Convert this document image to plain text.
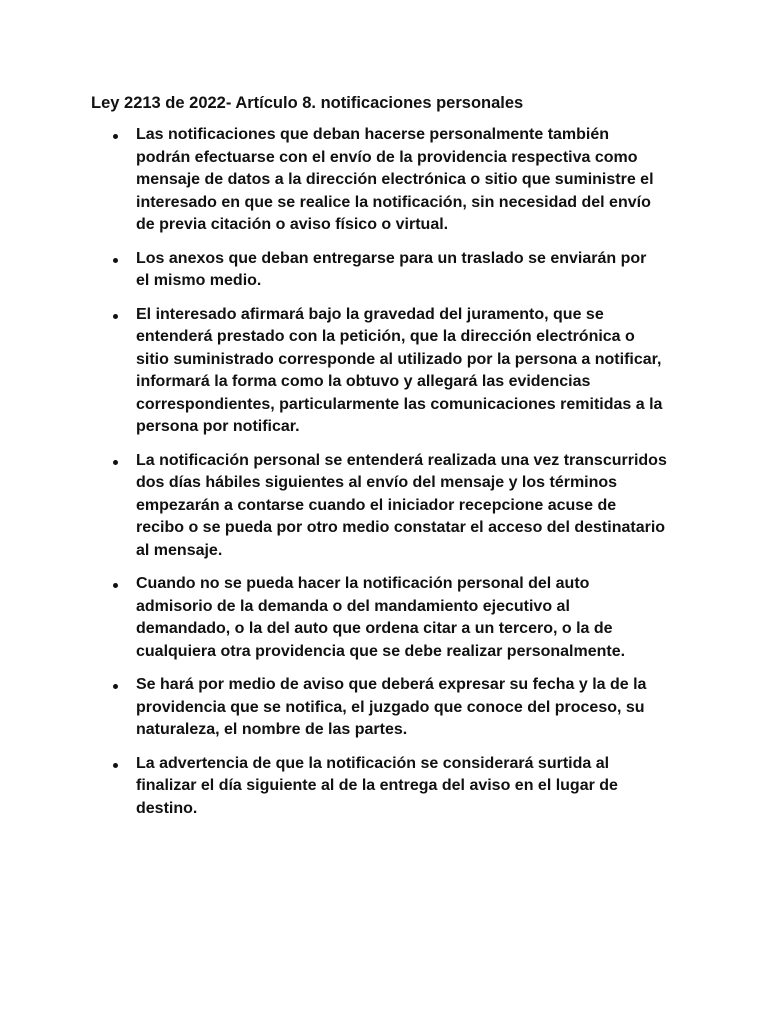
Ley 2213 de 2022- Artículo 8. notificaciones personales
Las notificaciones que deban hacerse personalmente también
podrán efectuarse con el envío de la providencia respectiva como
mensaje de datos a la dirección electrónica o sitio que suministre el
interesado en que se realice la notificación, sin necesidad del envío
de previa citación o aviso físico o virtual.
Los anexos que deban entregarse para un traslado se enviarán por
el mismo medio.
El interesado afirmará bajo la gravedad del juramento, que se
entenderá prestado con la petición, que la dirección electrónica o
sitio suministrado corresponde al utilizado por la persona a notificar,
informará la forma como la obtuvo y allegará las evidencias
correspondientes, particularmente las comunicaciones remitidas a la
persona por notificar.
La notificación personal se entenderá realizada una vez transcurridos
dos días hábiles siguientes al envío del mensaje y los términos
empezarán a contarse cuando el iniciador recepcione acuse de
recibo o se pueda por otro medio constatar el acceso del destinatario
al mensaje.
Cuando no se pueda hacer la notificación personal del auto
admisorio de la demanda o del mandamiento ejecutivo al
demandado, o la del auto que ordena citar a un tercero, o la de
cualquiera otra providencia que se debe realizar personalmente.
Se hará por medio de aviso que deberá expresar su fecha y la de la
providencia que se notifica, el juzgado que conoce del proceso, su
naturaleza, el nombre de las partes.
La advertencia de que la notificación se considerará surtida al
finalizar el día siguiente al de la entrega del aviso en el lugar de
destino.
